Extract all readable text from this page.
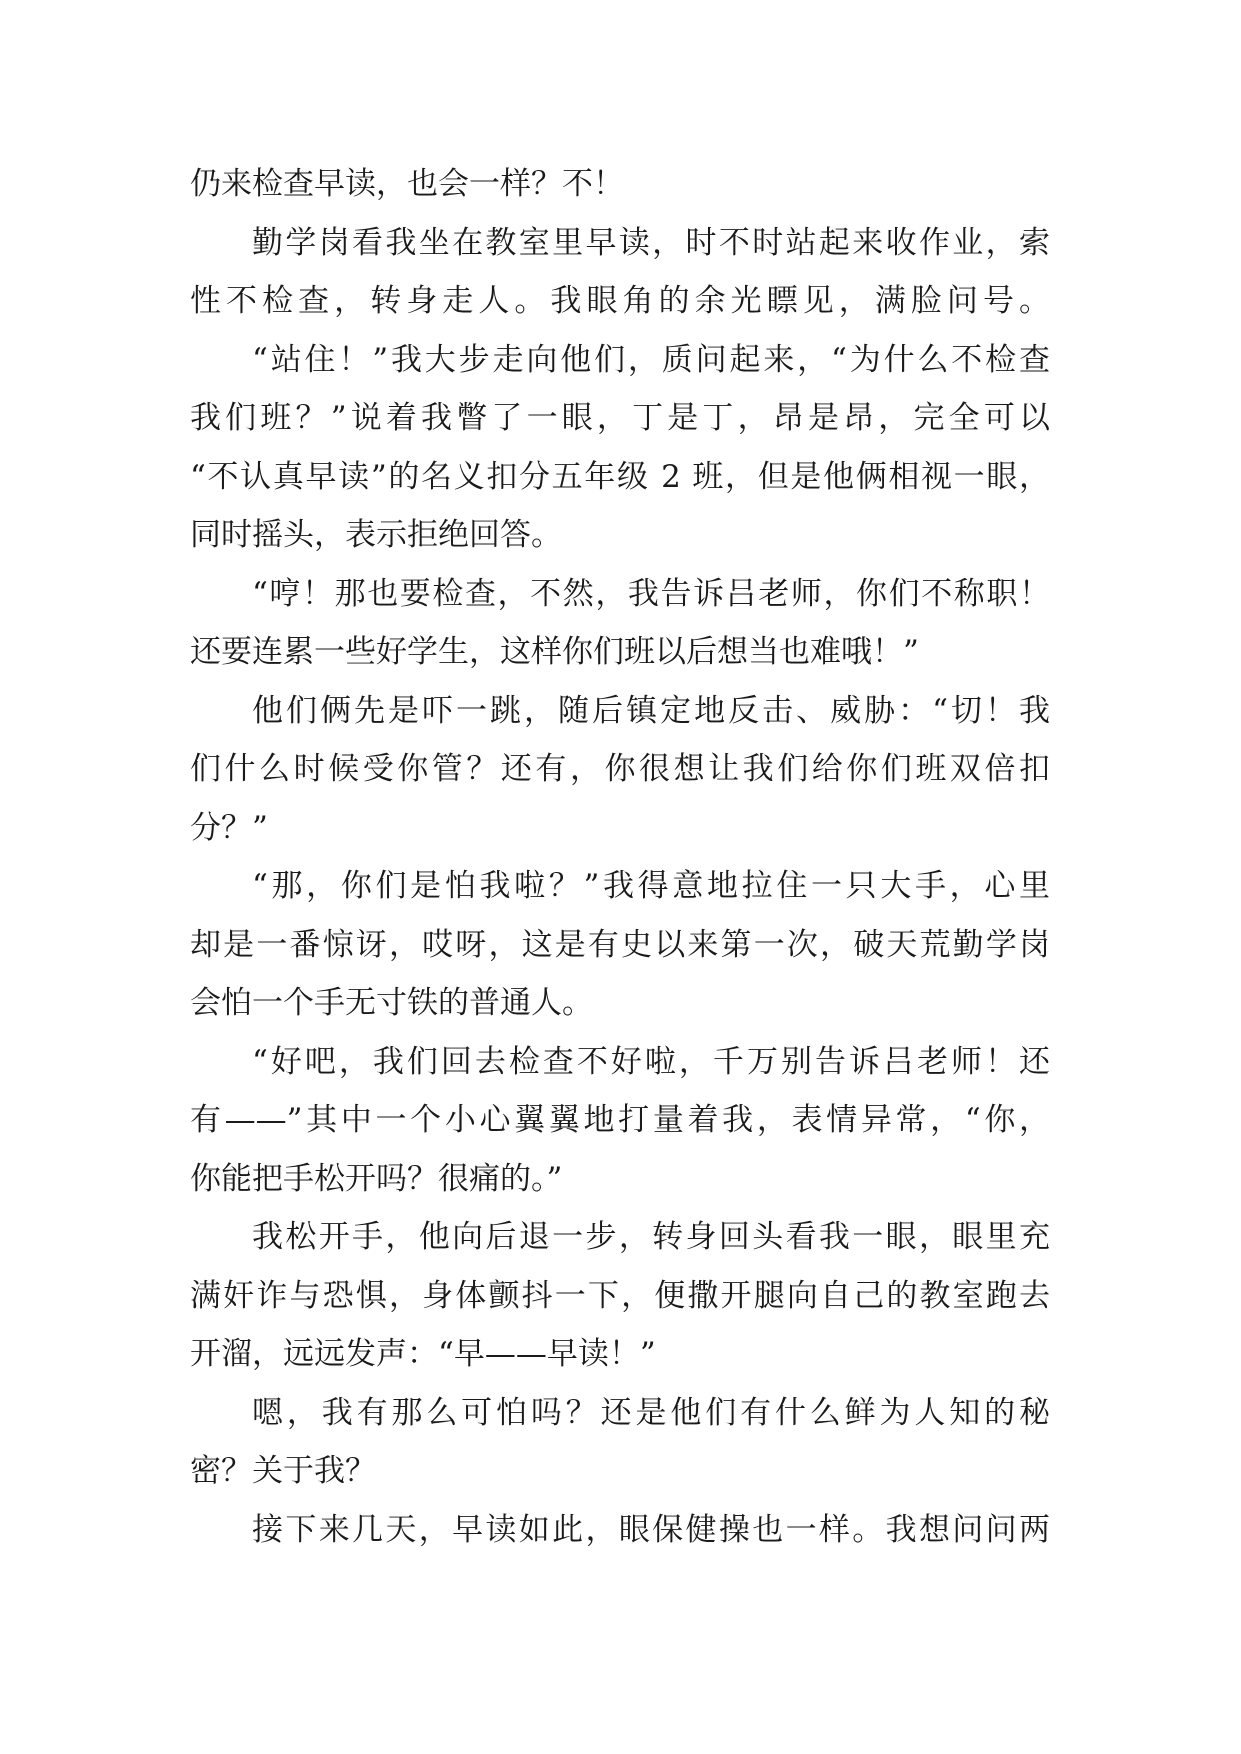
仍来检查早读，也会一样？不！
勤学岗看我坐在教室里早读，时不时站起来收作业，索
性不检查，转身走人。我眼角的余光瞟见，满脸问号。
“站住！”我大步走向他们，质问起来，“为什么不检查
我们班？”说着我瞥了一眼，丁是丁，昂是昂，完全可以
“不认真早读”的名义扣分五年级 2 班，但是他俩相视一眼，
同时摇头，表示拒绝回答。
“哼！那也要检查，不然，我告诉吕老师，你们不称职！
还要连累一些好学生，这样你们班以后想当也难哦！”
他们俩先是吓一跳，随后镇定地反击、威胁：“切！我
们什么时候受你管？还有，你很想让我们给你们班双倍扣
分？”
“那，你们是怕我啦？”我得意地拉住一只大手，心里
却是一番惊讶，哎呀，这是有史以来第一次，破天荒勤学岗
会怕一个手无寸铁的普通人。
“好吧，我们回去检查不好啦，千万别告诉吕老师！还
有——”其中一个小心翼翼地打量着我，表情异常，“你，
你能把手松开吗？很痛的。”
我松开手，他向后退一步，转身回头看我一眼，眼里充
满奸诈与恐惧，身体颤抖一下，便撒开腿向自己的教室跑去
开溜，远远发声：“早——早读！”
嗯，我有那么可怕吗？还是他们有什么鲜为人知的秘
密？关于我？
接下来几天，早读如此，眼保健操也一样。我想问问两
